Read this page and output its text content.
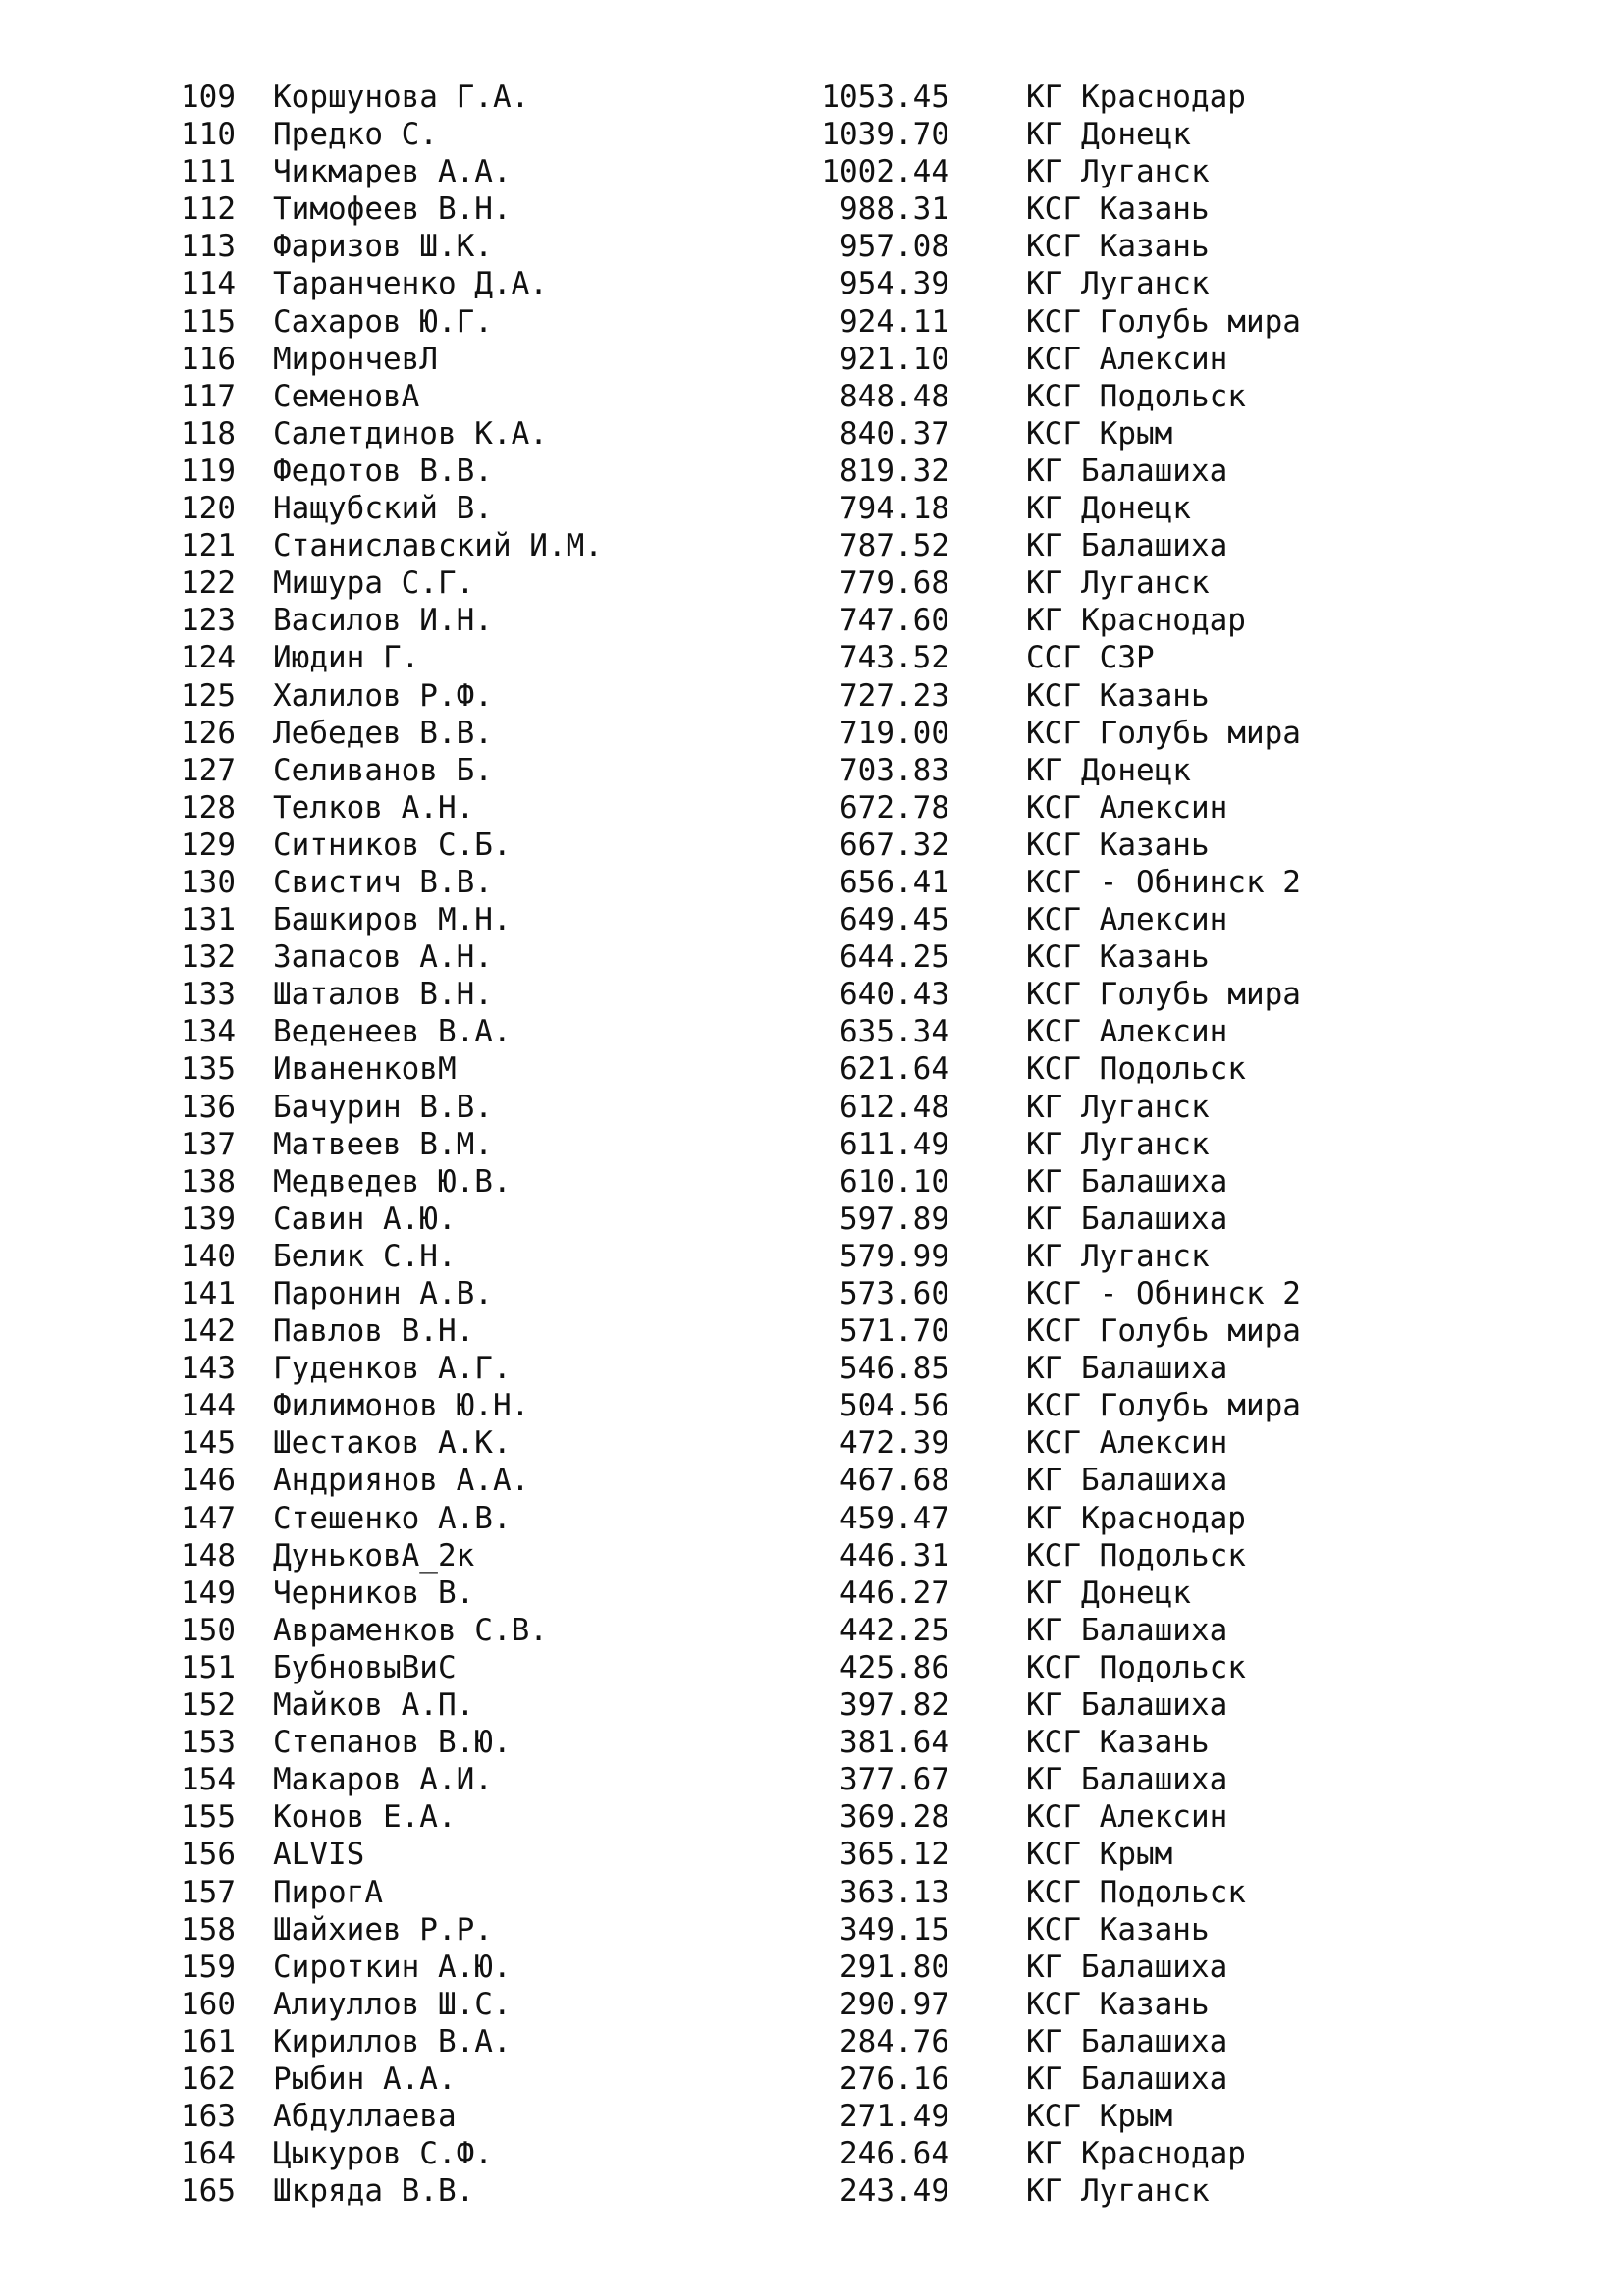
109 Коршунова Г.А.	1053.45	КГ Краснодар
110 Предко С.	1039.70	КГ Донецк
111 Чикмарев А.А.	1002.44	КГ Луганск
112 Тимофеев В.Н.	988.31	КСГ Казань
113 Фаризов Ш.К.	957.08	КСГ Казань
114 Таранченко Д.А.	954.39	КГ Луганск
115 Сахаров Ю.Г.	924.11	КСГ Голубь мира
116 МирончевЛ	921.10	КСГ Алексин
117 СеменовА	848.48	КСГ Подольск
118 Салетдинов К.А.	840.37	КСГ Крым
119 Федотов В.В.	819.32	КГ Балашиха
120 Нащубский В.	794.18	КГ Донецк
121 Станиславский И.М.	787.52	КГ Балашиха
122 Мишура С.Г.	779.68	КГ Луганск
123 Василов И.Н.	747.60	КГ Краснодар
124 Июдин Г.	743.52	ССГ СЗР
125 Халилов Р.Ф.	727.23	КСГ Казань
126 Лебедев В.В.	719.00	КСГ Голубь мира
127 Селиванов Б.	703.83	КГ Донецк
128 Телков А.Н.	672.78	КСГ Алексин
129 Ситников С.Б.	667.32	КСГ Казань
130 Свистич В.В.	656.41	КСГ - Обнинск 2
131 Башкиров М.Н.	649.45	КСГ Алексин
132 Запасов А.Н.	644.25	КСГ Казань
133 Шаталов В.Н.	640.43	КСГ Голубь мира
134 Веденеев В.А.	635.34	КСГ Алексин
135 ИваненковМ	621.64	КСГ Подольск
136 Бачурин В.В.	612.48	КГ Луганск
137 Матвеев В.М.	611.49	КГ Луганск
138 Медведев Ю.В.	610.10	КГ Балашиха
139 Савин А.Ю.	597.89	КГ Балашиха
140 Белик С.Н.	579.99	КГ Луганск
141 Паронин А.В.	573.60	КСГ - Обнинск 2
142 Павлов В.Н.	571.70	КСГ Голубь мира
143 Гуденков А.Г.	546.85	КГ Балашиха
144 Филимонов Ю.Н.	504.56	КСГ Голубь мира
145 Шестаков А.К.	472.39	КСГ Алексин
146 Андриянов А.А.	467.68	КГ Балашиха
147 Стешенко А.В.	459.47	КГ Краснодар
148 ДуньковА_2к	446.31	КСГ Подольск
149 Черников В.	446.27	КГ Донецк
150 Авраменков С.В.	442.25	КГ Балашиха
151 БубновыВиС	425.86	КСГ Подольск
152 Майков А.П.	397.82	КГ Балашиха
153 Степанов В.Ю.	381.64	КСГ Казань
154 Макаров А.И.	377.67	КГ Балашиха
155 Конов Е.А.	369.28	КСГ Алексин
156 ALVIS	365.12	КСГ Крым
157 ПирогА	363.13	КСГ Подольск
158 Шайхиев Р.Р.	349.15	КСГ Казань
159 Сироткин А.Ю.	291.80	КГ Балашиха
160 Алиуллов Ш.С.	290.97	КСГ Казань
161 Кириллов В.А.	284.76	КГ Балашиха
162 Рыбин А.А.	276.16	КГ Балашиха
163 Абдуллаева	271.49	КСГ Крым
164 Цыкуров С.Ф.	246.64	КГ Краснодар
165 Шкряда В.В.	243.49	КГ Луганск
